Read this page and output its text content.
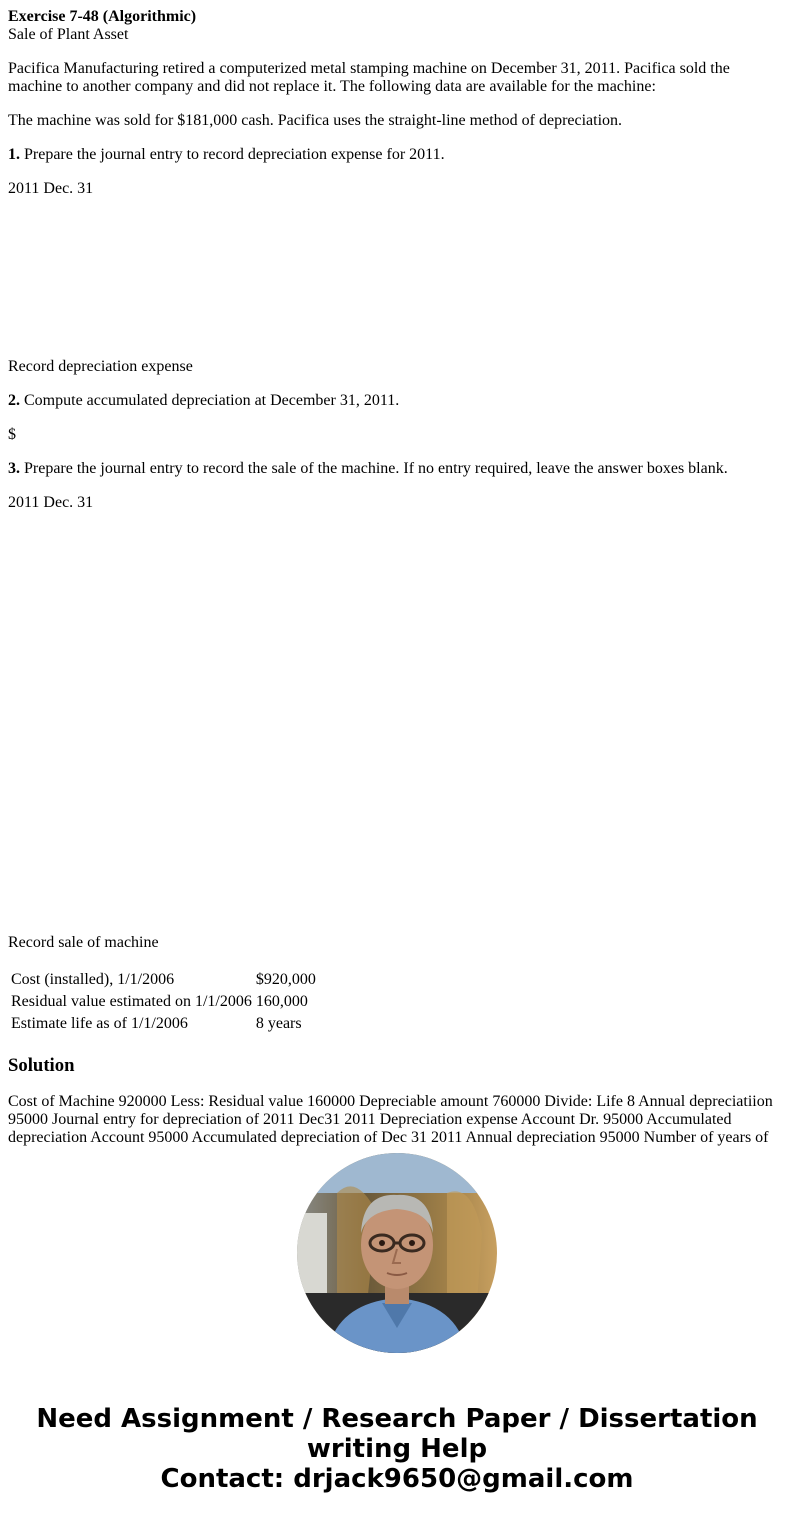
Exercise 7-48 (Algorithmic)
Sale of Plant Asset

Pacifica Manufacturing retired a computerized metal stamping machine on December 31, 2011. Pacifica sold the machine to another company and did not replace it. The following data are available for the machine:

The machine was sold for $181,000 cash. Pacifica uses the straight-line method of depreciation.

1. Prepare the journal entry to record depreciation expense for 2011.

2011 Dec. 31

Record depreciation expense

2. Compute accumulated depreciation at December 31, 2011.

$

3. Prepare the journal entry to record the sale of the machine. If no entry required, leave the answer boxes blank.

2011 Dec. 31

Record sale of machine

Cost (installed), 1/1/2006	$920,000
Residual value estimated on 1/1/2006	160,000
Estimate life as of 1/1/2006	8 years
Solution
Cost of Machine 920000 Less: Residual value 160000 Depreciable amount 760000 Divide: Life 8 Annual depreciatiion 95000 Journal entry for depreciation of 2011 Dec31 2011 Depreciation expense Account Dr. 95000 Accumulated depreciation Account 95000 Accumulated depreciation of Dec 31 2011 Annual depreciation 95000 Number of years of
Need Assignment / Research Paper / Dissertation
writing Help
Contact: drjack9650@gmail.com
